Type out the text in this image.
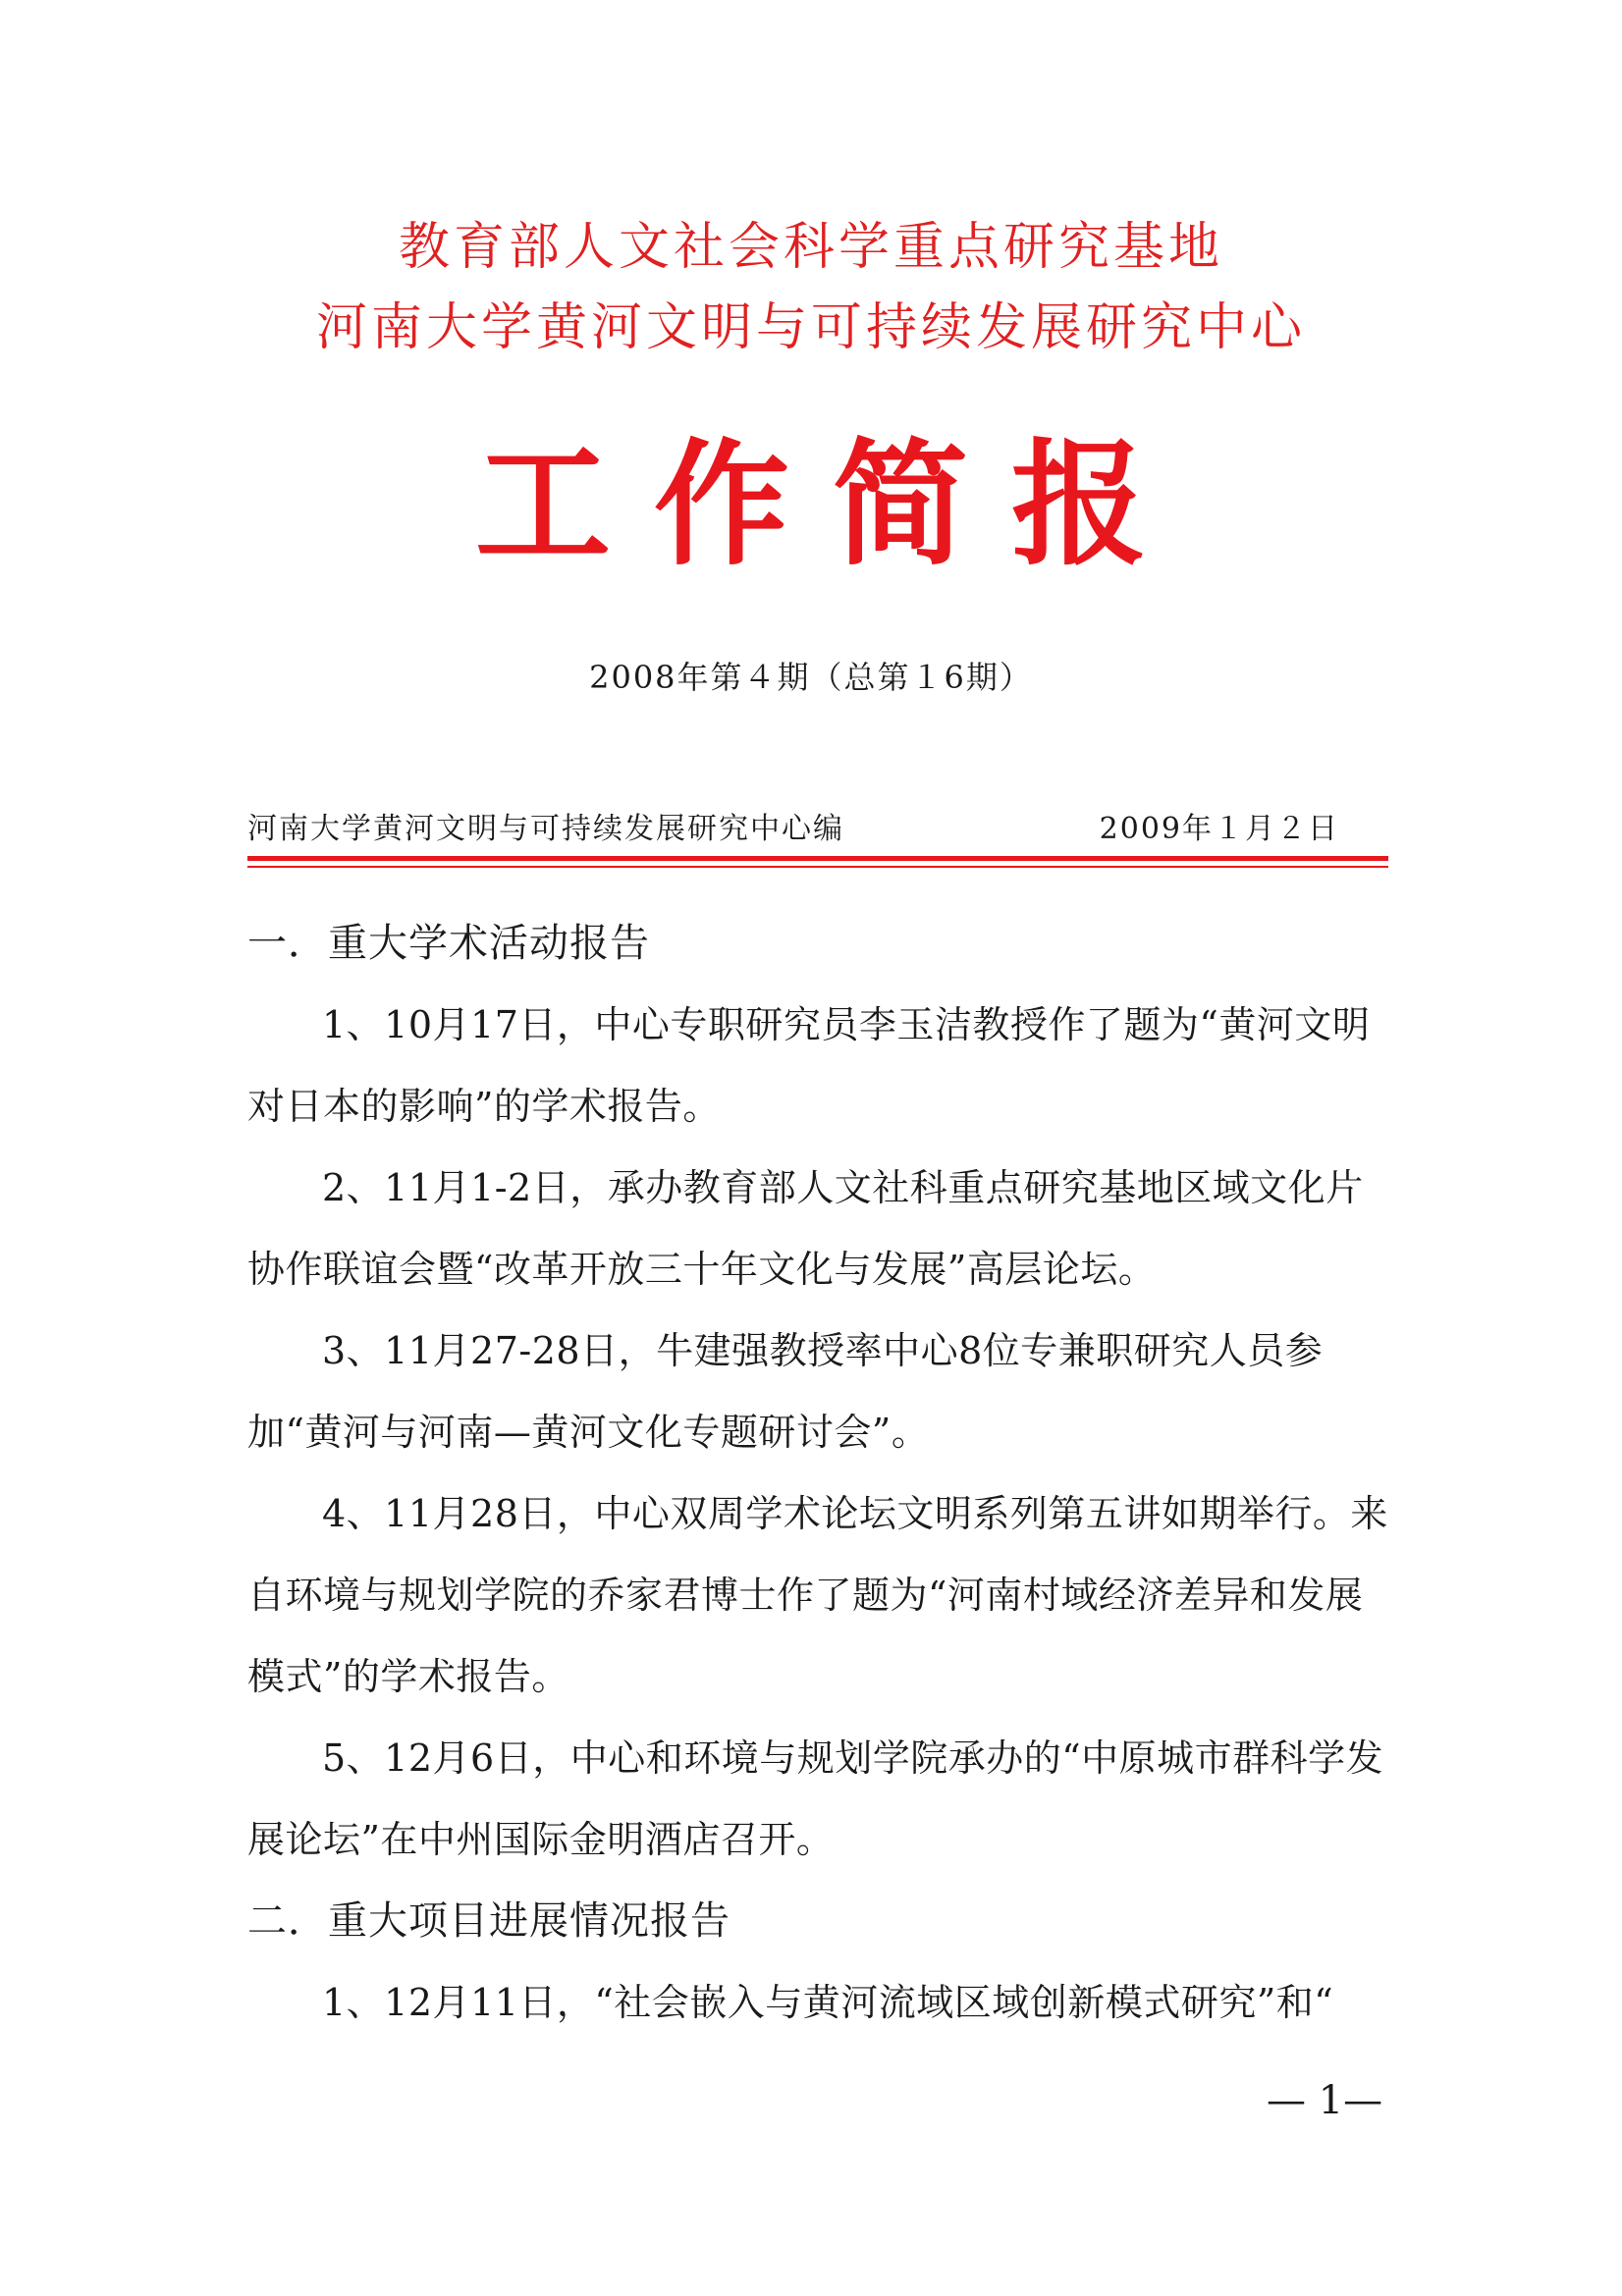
教育部人文社会科学重点研究基地
河南大学黄河文明与可持续发展研究中心
工作简报
2008年第４期（总第１6期）
河南大学黄河文明与可持续发展研究中心编	2009年１月２日
一．重大学术活动报告

1、10月17日，中心专职研究员李玉洁教授作了题为“黄河文明对日本的影响”的学术报告。

2、11月1-2日，承办教育部人文社科重点研究基地区域文化片协作联谊会暨“改革开放三十年文化与发展”高层论坛。

3、11月27-28日，牛建强教授率中心8位专兼职研究人员参加“黄河与河南—黄河文化专题研讨会”。

4、11月28日，中心双周学术论坛文明系列第五讲如期举行。来自环境与规划学院的乔家君博士作了题为“河南村域经济差异和发展模式”的学术报告。

5、12月6日，中心和环境与规划学院承办的“中原城市群科学发展论坛”在中州国际金明酒店召开。

二．重大项目进展情况报告

1、12月11日，“社会嵌入与黄河流域区域创新模式研究”和“

— 1—
